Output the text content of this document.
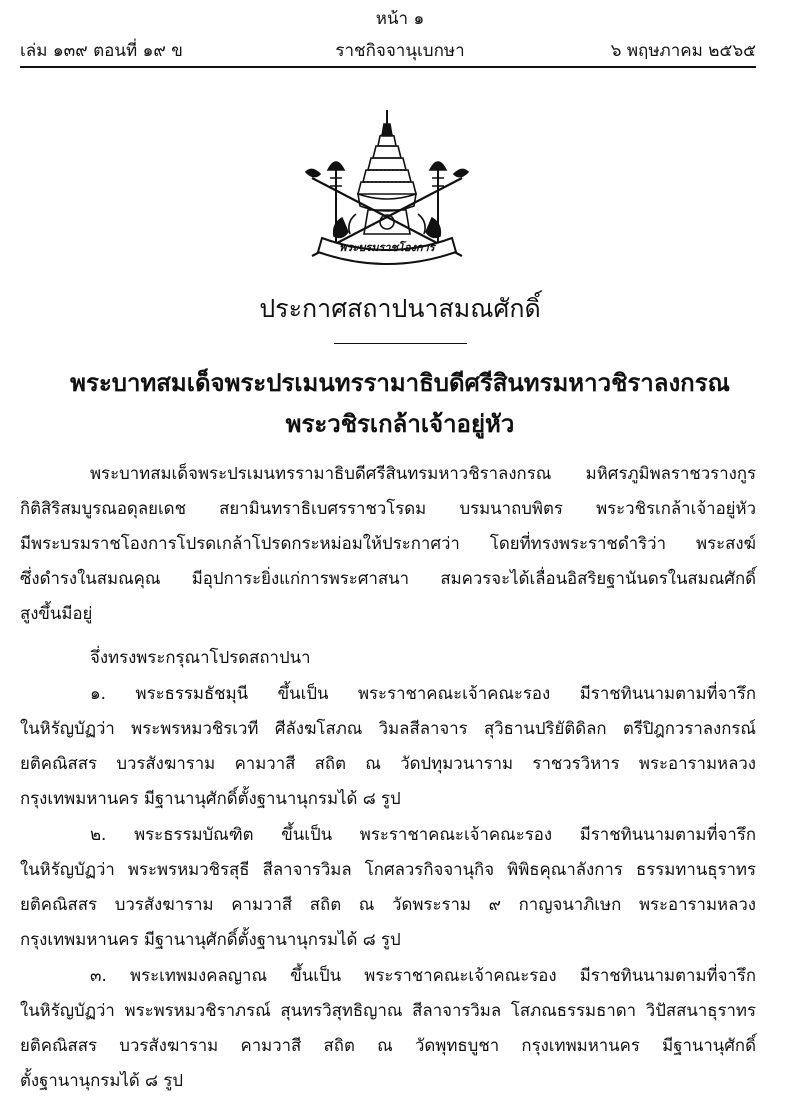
หน้า ๑
เล่ม ๑๓๙ ตอนที่ ๑๙ ข	ราชกิจจานุเบกษา	๖ พฤษภาคม ๒๕๖๕
พระบรมราชโองการ
ประกาศสถาปนาสมณศักดิ์
พระบาทสมเด็จพระปรเมนทรรามาธิบดีศรีสินทรมหาวชิราลงกรณ
พระวชิรเกล้าเจ้าอยู่หัว
พระบาทสมเด็จพระปรเมนทรรามาธิบดีศรีสินทรมหาวชิราลงกรณ มหิศรภูมิพลราชวรางกูร
กิติสิริสมบูรณอดุลยเดช สยามินทราธิเบศรราชวโรดม บรมนาถบพิตร พระวชิรเกล้าเจ้าอยู่หัว
มีพระบรมราชโองการโปรดเกล้าโปรดกระหม่อมให้ประกาศว่า โดยที่ทรงพระราชดำริว่า พระสงฆ์
ซึ่งดำรงในสมณคุณ มีอุปการะยิ่งแก่การพระศาสนา สมควรจะได้เลื่อนอิสริยฐานันดรในสมณศักดิ์
สูงขึ้นมีอยู่
จึ่งทรงพระกรุณาโปรดสถาปนา
๑. พระธรรมธัชมุนี ขึ้นเป็น พระราชาคณะเจ้าคณะรอง มีราชทินนามตามที่จารึก
ในหิรัญบัฏว่า พระพรหมวชิรเวที ศีลังฆโสภณ วิมลสีลาจาร สุวิธานปริยัติดิลก ตรีปิฎกวราลงกรณ์
ยติคณิสสร บวรสังฆาราม คามวาสี สถิต ณ วัดปทุมวนาราม ราชวรวิหาร พระอารามหลวง
กรุงเทพมหานคร มีฐานานุศักดิ์ตั้งฐานานุกรมได้ ๘ รูป
๒. พระธรรมบัณฑิต ขึ้นเป็น พระราชาคณะเจ้าคณะรอง มีราชทินนามตามที่จารึก
ในหิรัญบัฏว่า พระพรหมวชิรสุธี สีลาจารวิมล โกศลวรกิจจานุกิจ พิพิธคุณาลังการ ธรรมทานธุราทร
ยติคณิสสร บวรสังฆาราม คามวาสี สถิต ณ วัดพระราม ๙ กาญจนาภิเษก พระอารามหลวง
กรุงเทพมหานคร มีฐานานุศักดิ์ตั้งฐานานุกรมได้ ๘ รูป
๓. พระเทพมงคลญาณ ขึ้นเป็น พระราชาคณะเจ้าคณะรอง มีราชทินนามตามที่จารึก
ในหิรัญบัฏว่า พระพรหมวชิราภรณ์ สุนทรวิสุทธิญาณ สีลาจารวิมล โสภณธรรมธาดา วิปัสสนาธุราทร
ยติคณิสสร บวรสังฆาราม คามวาสี สถิต ณ วัดพุทธบูชา กรุงเทพมหานคร มีฐานานุศักดิ์
ตั้งฐานานุกรมได้ ๘ รูป
